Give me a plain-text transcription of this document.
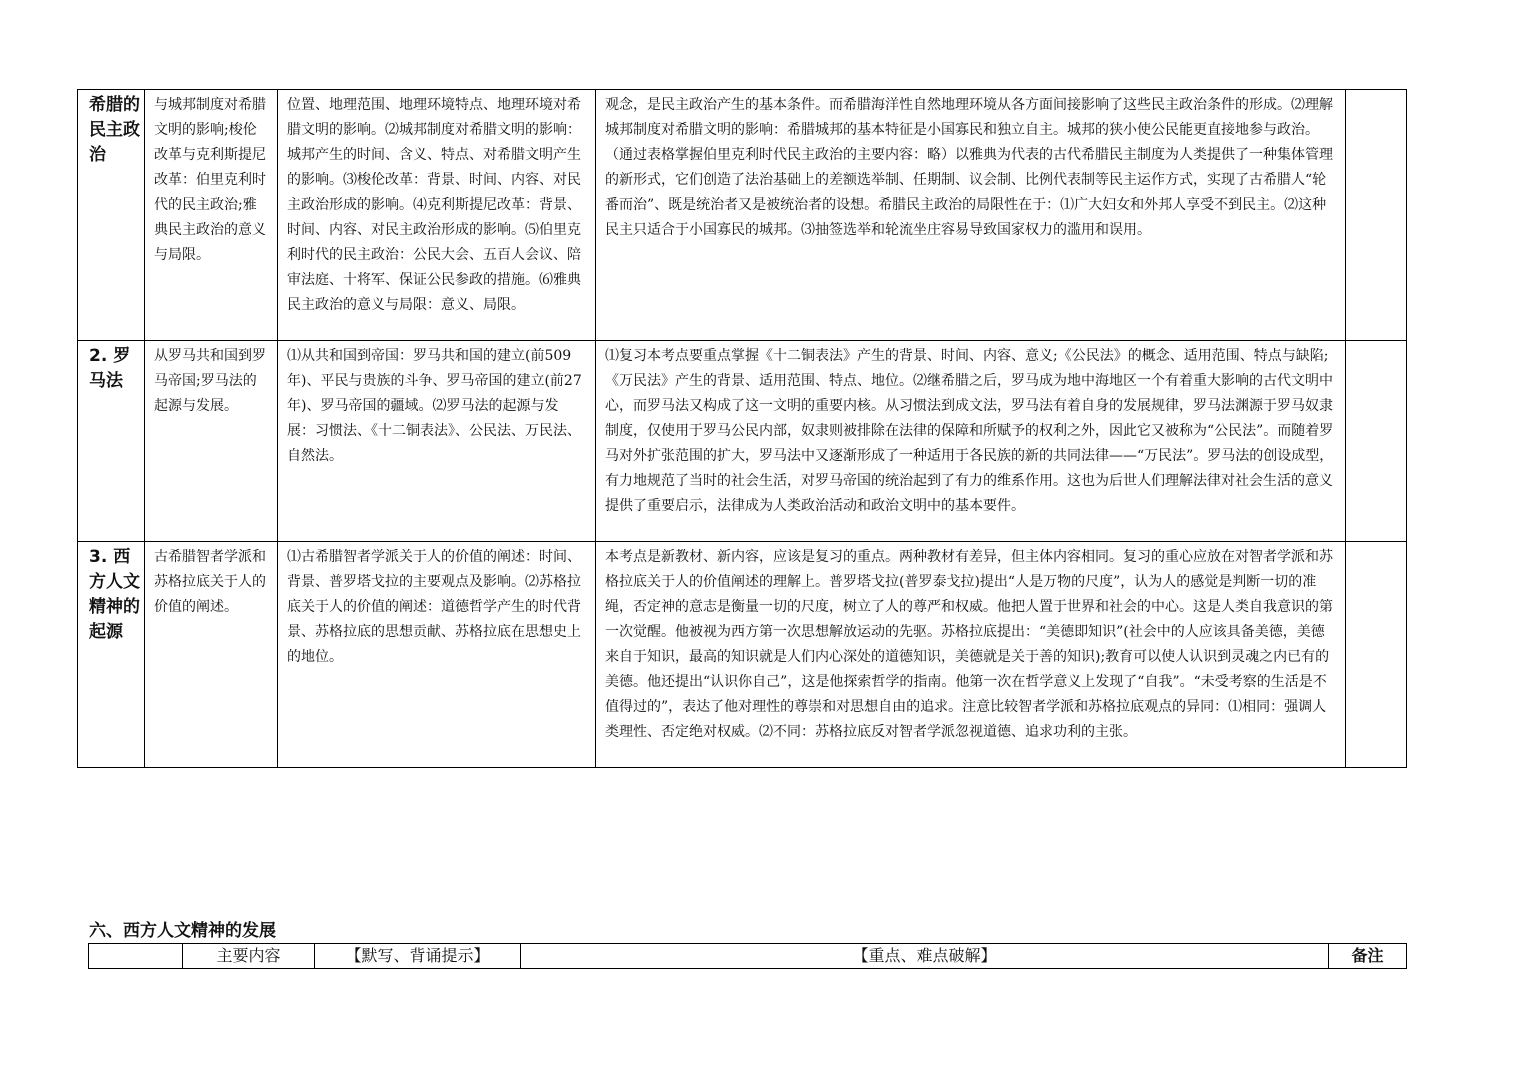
希腊的民主政治	与城邦制度对希腊文明的影响;梭伦改革与克利斯提尼改革：伯里克利时代的民主政治;雅典民主政治的意义与局限。	位置、地理范围、地理环境特点、地理环境对希腊文明的影响。⑵城邦制度对希腊文明的影响：城邦产生的时间、含义、特点、对希腊文明产生的影响。⑶梭伦改革：背景、时间、内容、对民主政治形成的影响。⑷克利斯提尼改革：背景、时间、内容、对民主政治形成的影响。⑸伯里克利时代的民主政治：公民大会、五百人会议、陪审法庭、十将军、保证公民参政的措施。⑹雅典民主政治的意义与局限：意义、局限。	观念，是民主政治产生的基本条件。而希腊海洋性自然地理环境从各方面间接影响了这些民主政治条件的形成。⑵理解城邦制度对希腊文明的影响：希腊城邦的基本特征是小国寡民和独立自主。城邦的狭小使公民能更直接地参与政治。（通过表格掌握伯里克利时代民主政治的主要内容：略）以雅典为代表的古代希腊民主制度为人类提供了一种集体管理的新形式，它们创造了法治基础上的差额选举制、任期制、议会制、比例代表制等民主运作方式，实现了古希腊人“轮番而治”、既是统治者又是被统治者的设想。希腊民主政治的局限性在于：⑴广大妇女和外邦人享受不到民主。⑵这种民主只适合于小国寡民的城邦。⑶抽签选举和轮流坐庄容易导致国家权力的滥用和误用。	
2. 罗马法	从罗马共和国到罗马帝国;罗马法的起源与发展。	⑴从共和国到帝国：罗马共和国的建立(前509年)、平民与贵族的斗争、罗马帝国的建立(前27年)、罗马帝国的疆域。⑵罗马法的起源与发展：习惯法、《十二铜表法》、公民法、万民法、自然法。	⑴复习本考点要重点掌握《十二铜表法》产生的背景、时间、内容、意义;《公民法》的概念、适用范围、特点与缺陷;《万民法》产生的背景、适用范围、特点、地位。⑵继希腊之后，罗马成为地中海地区一个有着重大影响的古代文明中心，而罗马法又构成了这一文明的重要内核。从习惯法到成文法，罗马法有着自身的发展规律，罗马法渊源于罗马奴隶制度，仅使用于罗马公民内部，奴隶则被排除在法律的保障和所赋予的权利之外，因此它又被称为“公民法”。而随着罗马对外扩张范围的扩大，罗马法中又逐渐形成了一种适用于各民族的新的共同法律——“万民法”。罗马法的创设成型，有力地规范了当时的社会生活，对罗马帝国的统治起到了有力的维系作用。这也为后世人们理解法律对社会生活的意义提供了重要启示，法律成为人类政治活动和政治文明中的基本要件。	
3. 西方人文精神的起源	古希腊智者学派和苏格拉底关于人的价值的阐述。	⑴古希腊智者学派关于人的价值的阐述：时间、背景、普罗塔戈拉的主要观点及影响。⑵苏格拉底关于人的价值的阐述：道德哲学产生的时代背景、苏格拉底的思想贡献、苏格拉底在思想史上的地位。	本考点是新教材、新内容，应该是复习的重点。两种教材有差异，但主体内容相同。复习的重心应放在对智者学派和苏格拉底关于人的价值阐述的理解上。普罗塔戈拉(普罗泰戈拉)提出“人是万物的尺度”，认为人的感觉是判断一切的准绳，否定神的意志是衡量一切的尺度，树立了人的尊严和权威。他把人置于世界和社会的中心。这是人类自我意识的第一次觉醒。他被视为西方第一次思想解放运动的先驱。苏格拉底提出：“美德即知识”(社会中的人应该具备美德，美德来自于知识，最高的知识就是人们内心深处的道德知识，美德就是关于善的知识);教育可以使人认识到灵魂之内已有的美德。他还提出“认识你自己”，这是他探索哲学的指南。他第一次在哲学意义上发现了“自我”。“未受考察的生活是不值得过的”，表达了他对理性的尊崇和对思想自由的追求。注意比较智者学派和苏格拉底观点的异同：⑴相同：强调人类理性、否定绝对权威。⑵不同：苏格拉底反对智者学派忽视道德、追求功利的主张。	
六、西方人文精神的发展
	主要内容	【默写、背诵提示】	【重点、难点破解】	备注
